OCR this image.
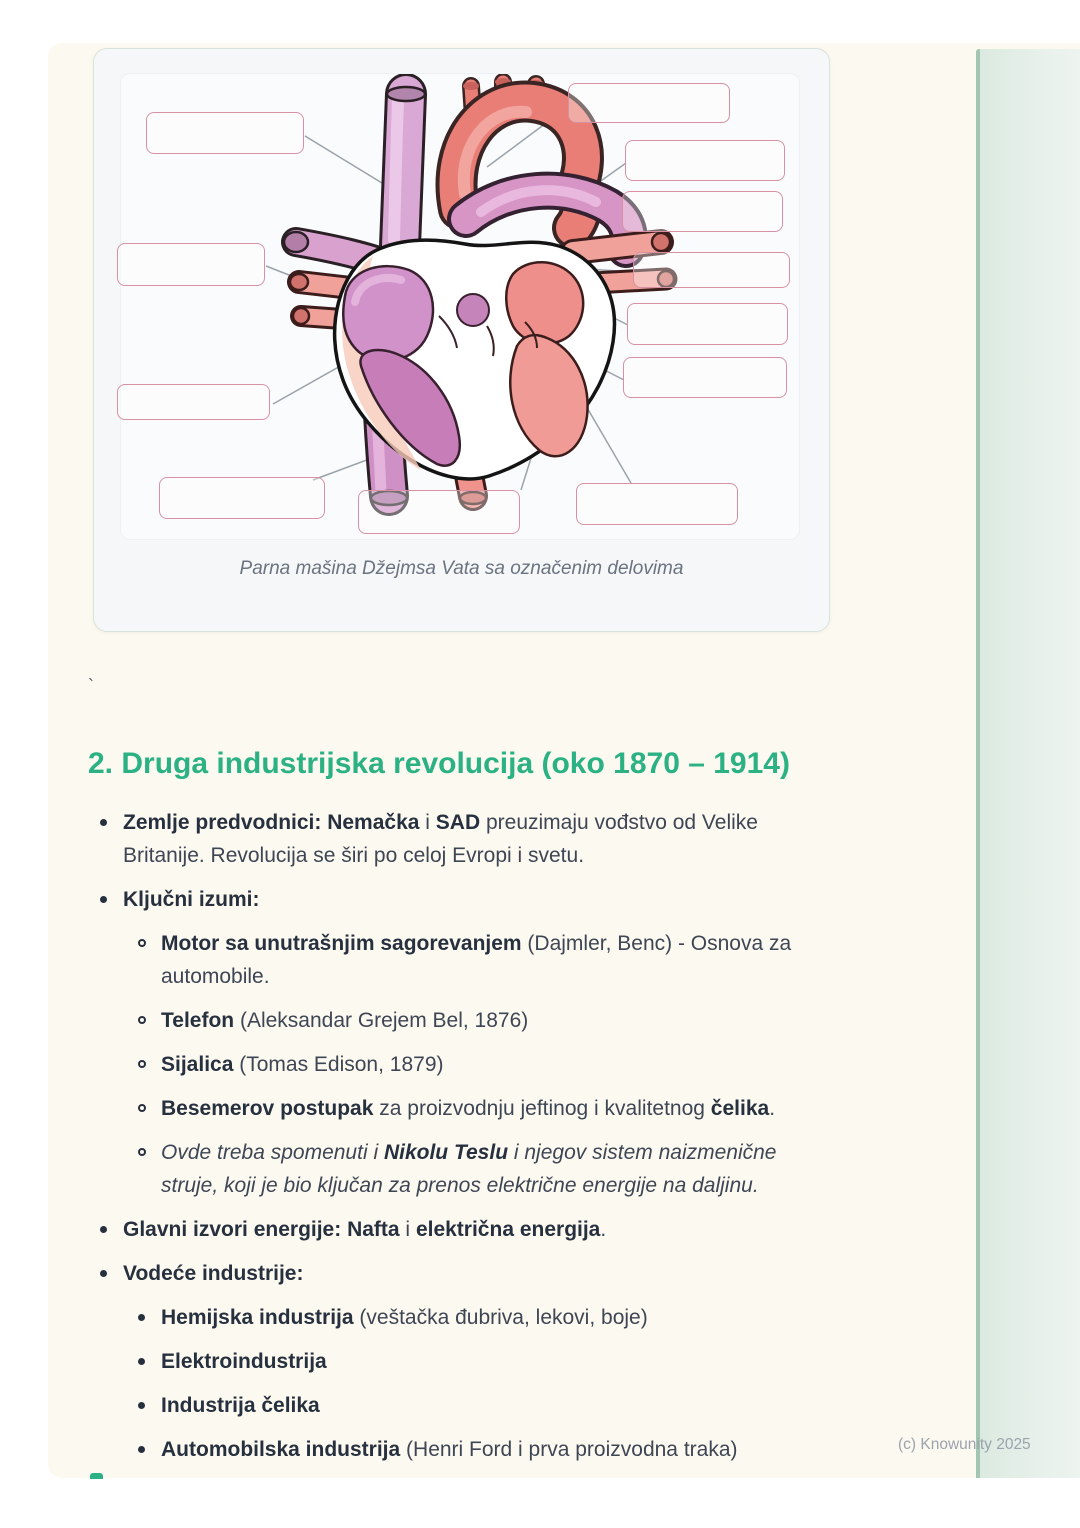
Parna mašina Džejmsa Vata sa označenim delovima
`
2. Druga industrijska revolucija (oko 1870 – 1914)
Zemlje predvodnici: Nemačka i SAD preuzimaju vođstvo od Velike
Britanije. Revolucija se širi po celoj Evropi i svetu.
Ključni izumi:
Motor sa unutrašnjim sagorevanjem (Dajmler, Benc) - Osnova za
automobile.
Telefon (Aleksandar Grejem Bel, 1876)
Sijalica (Tomas Edison, 1879)
Besemerov postupak za proizvodnju jeftinog i kvalitetnog čelika.
Ovde treba spomenuti i Nikolu Teslu i njegov sistem naizmenične
struje, koji je bio ključan za prenos električne energije na daljinu.
Glavni izvori energije: Nafta i električna energija.
Vodeće industrije:
Hemijska industrija (veštačka đubriva, lekovi, boje)
Elektroindustrija
Industrija čelika
Automobilska industrija (Henri Ford i prva proizvodna traka)	(c) Knowunity 2025
